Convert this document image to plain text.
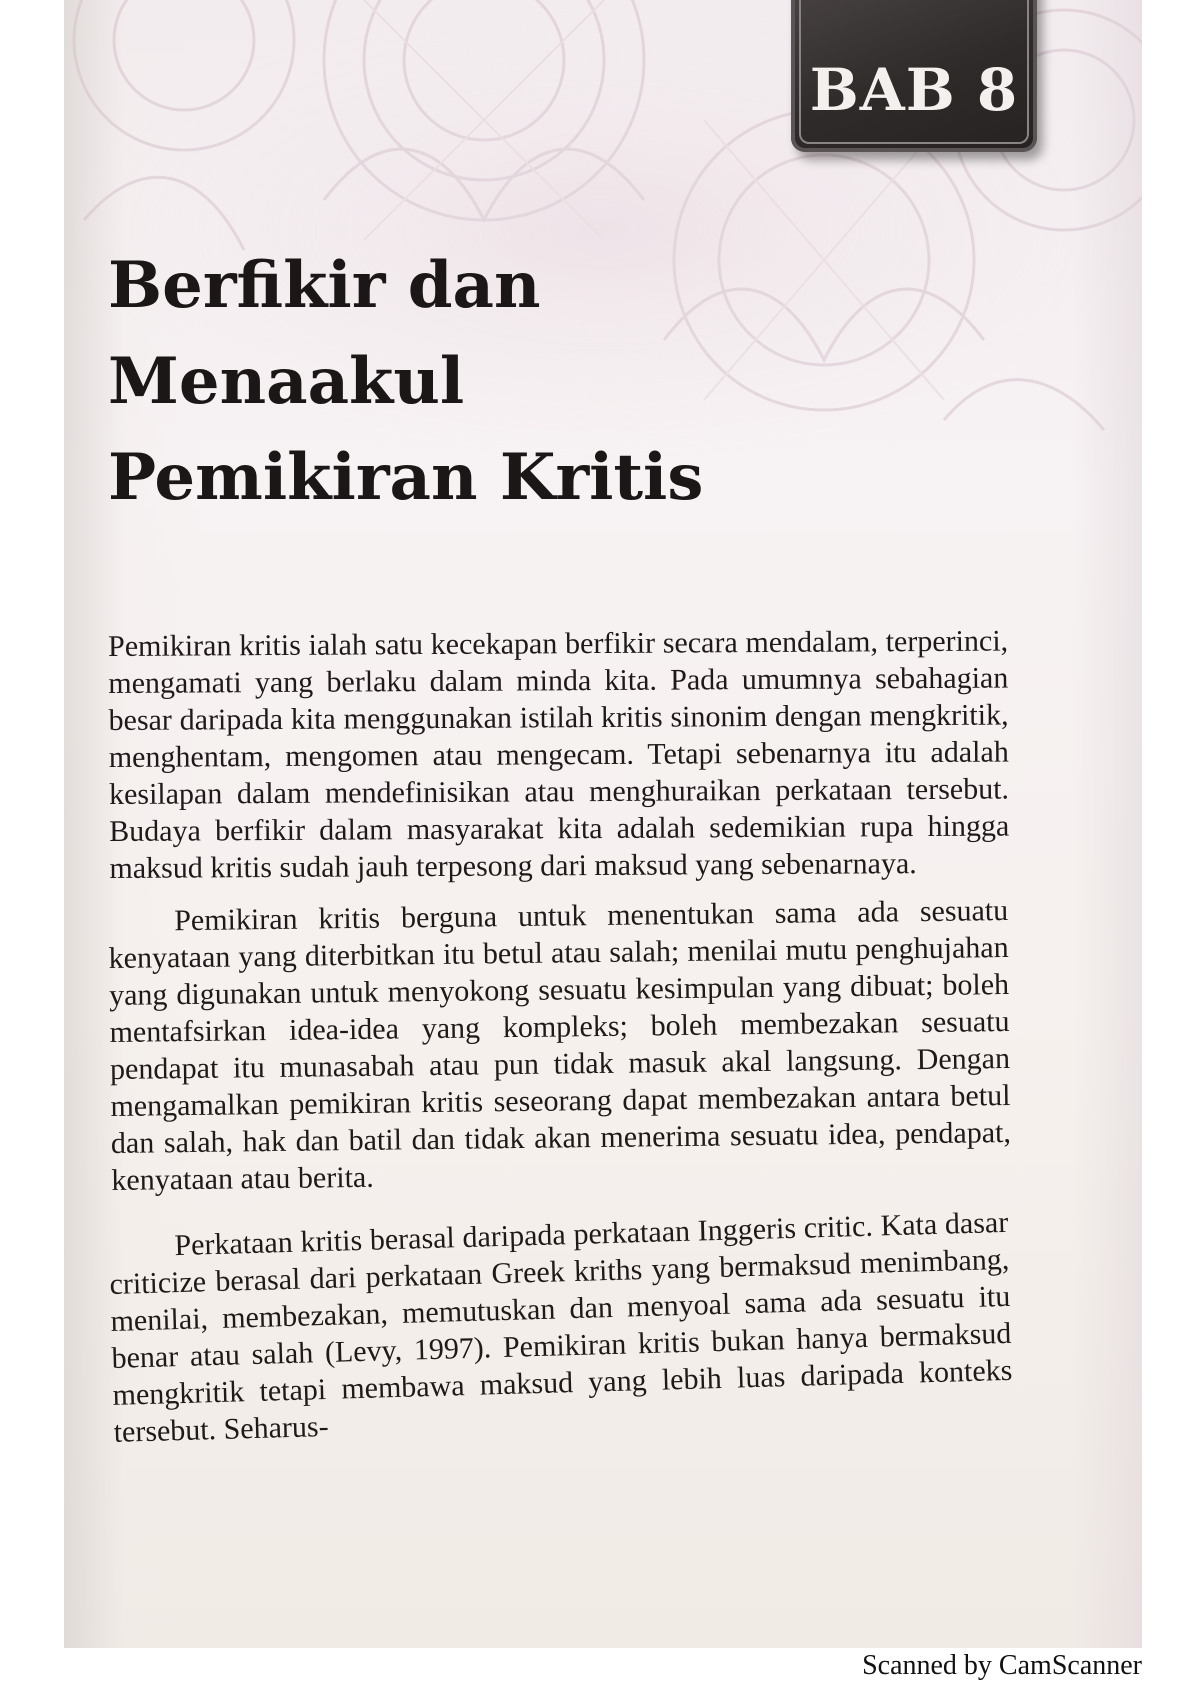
BAB 8
Berfikir dan
Menaakul
Pemikiran Kritis

Pemikiran kritis ialah satu kecekapan berfikir secara mendalam, terperinci, mengamati yang berlaku dalam minda kita. Pada umumnya sebahagian besar daripada kita menggunakan istilah kritis sinonim dengan mengkritik, menghentam, mengomen atau mengecam. Tetapi sebenarnya itu adalah kesilapan dalam mendefinisikan atau menghuraikan perkataan tersebut. Budaya berfikir dalam masyarakat kita adalah sedemikian rupa hingga maksud kritis sudah jauh terpesong dari maksud yang sebenarnaya.

Pemikiran kritis berguna untuk menentukan sama ada sesuatu kenyataan yang diterbitkan itu betul atau salah; menilai mutu penghujahan yang digunakan untuk menyokong sesuatu kesimpulan yang dibuat; boleh mentafsirkan idea-idea yang kompleks; boleh membezakan sesuatu pendapat itu munasabah atau pun tidak masuk akal langsung. Dengan mengamalkan pemikiran kritis seseorang dapat membezakan antara betul dan salah, hak dan batil dan tidak akan menerima sesuatu idea, pendapat, kenyataan atau berita.

Perkataan kritis berasal daripada perkataan Inggeris critic. Kata dasar criticize berasal dari perkataan Greek kriths yang bermaksud menimbang, menilai, membezakan, memutuskan dan menyoal sama ada sesuatu itu benar atau salah (Levy, 1997). Pemikiran kritis bukan hanya bermaksud mengkritik tetapi membawa maksud yang lebih luas daripada konteks tersebut. Seharus-

Scanned by CamScanner
